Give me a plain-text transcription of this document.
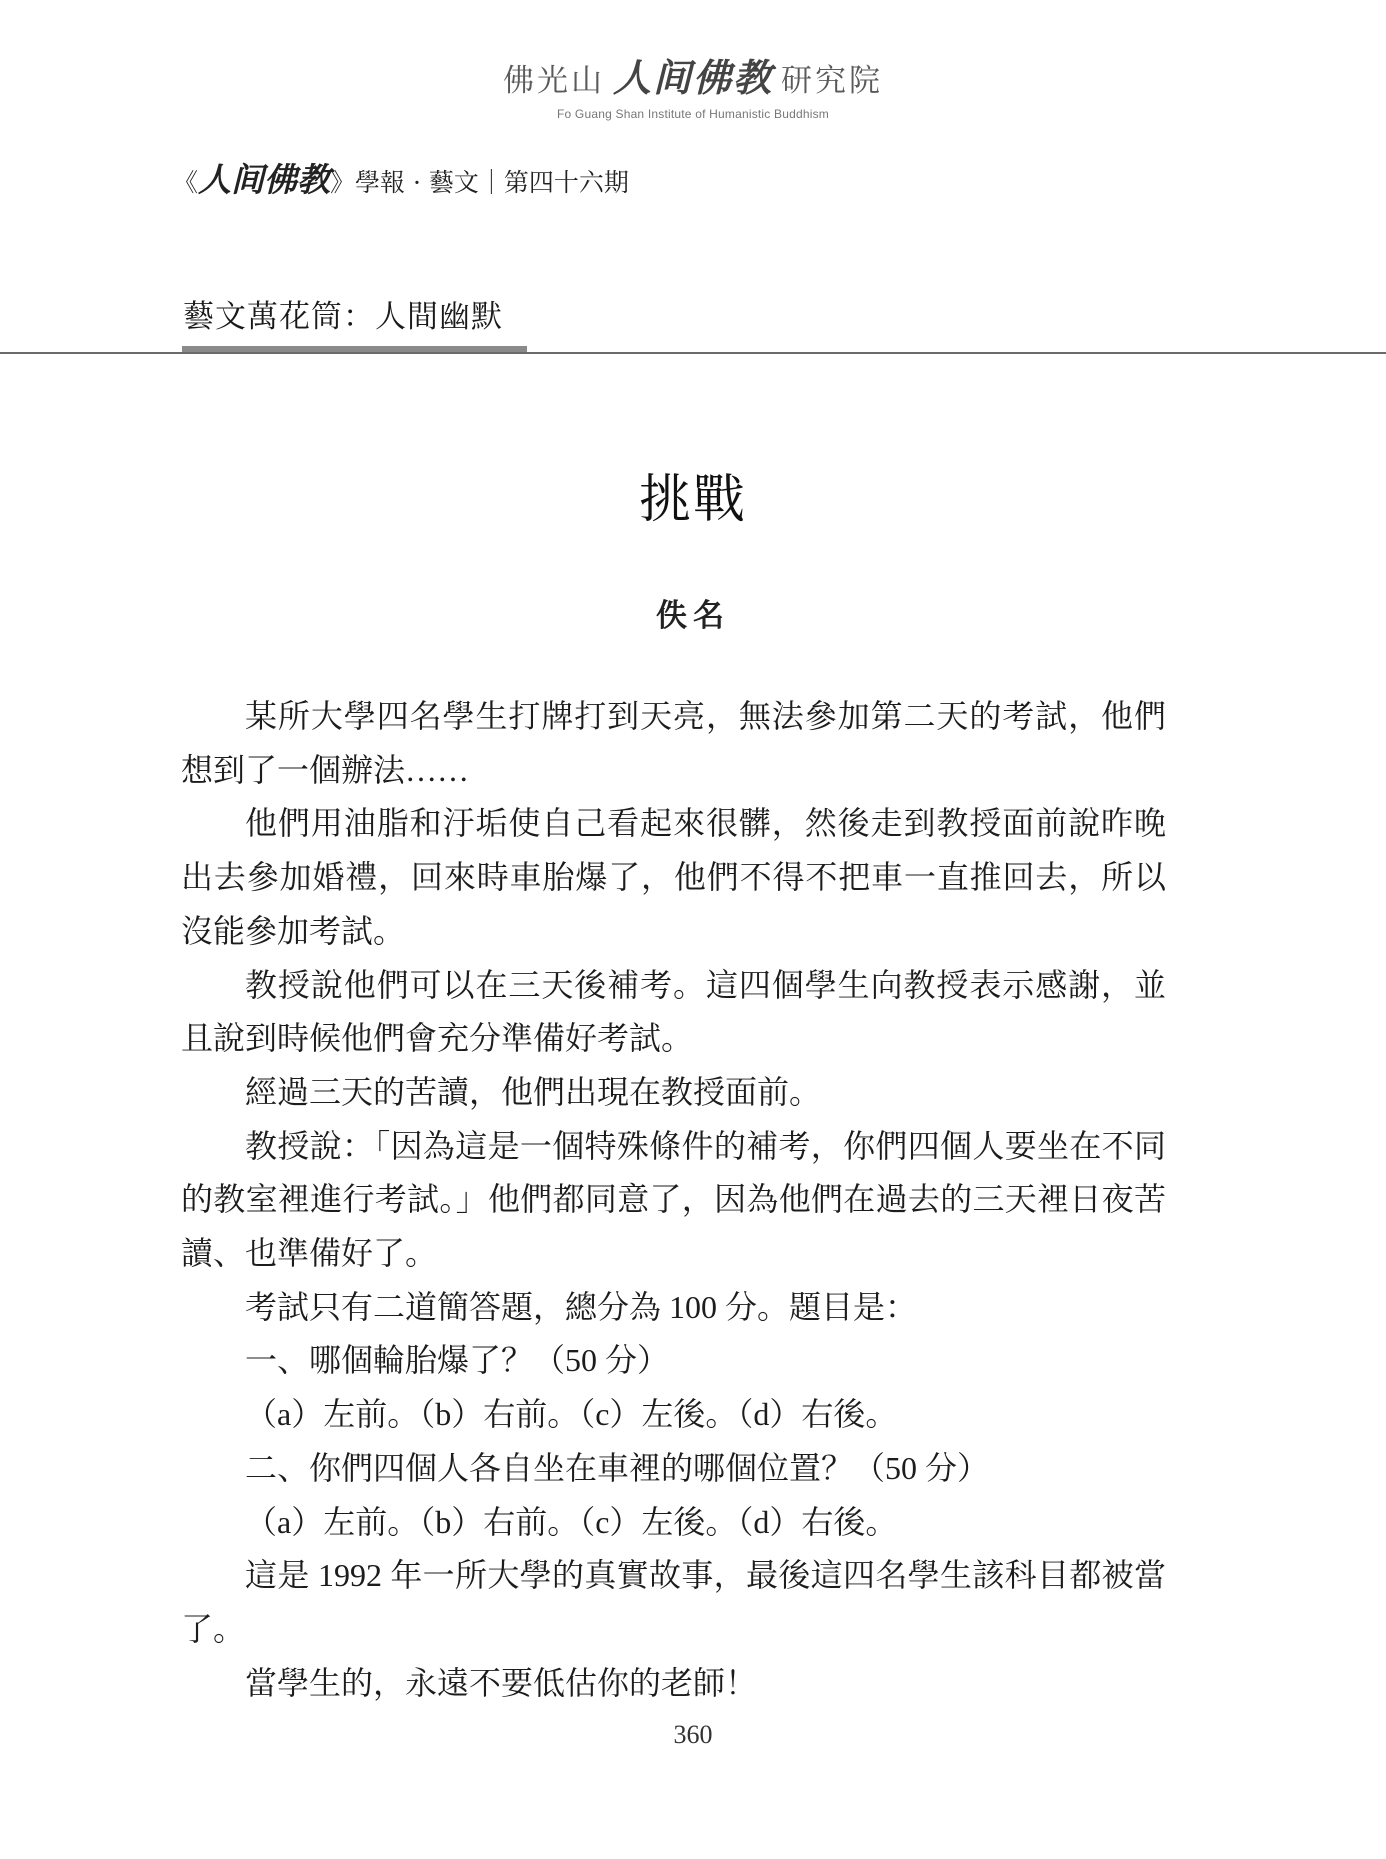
佛光山 人间佛教 研究院
Fo Guang Shan Institute of Humanistic Buddhism
《人间佛教》學報 · 藝文｜第四十六期
藝文萬花筒：人間幽默
挑戰
佚名

某所大學四名學生打牌打到天亮，無法參加第二天的考試，他們想到了一個辦法……

他們用油脂和汙垢使自己看起來很髒，然後走到教授面前說昨晚出去參加婚禮，回來時車胎爆了，他們不得不把車一直推回去，所以沒能參加考試。

教授說他們可以在三天後補考。這四個學生向教授表示感謝，並且說到時候他們會充分準備好考試。

經過三天的苦讀，他們出現在教授面前。

教授說：「因為這是一個特殊條件的補考，你們四個人要坐在不同的教室裡進行考試。」他們都同意了，因為他們在過去的三天裡日夜苦讀、也準備好了。

考試只有二道簡答題，總分為 100 分。題目是：

一、哪個輪胎爆了？（50 分）

（a）左前。（b）右前。（c）左後。（d）右後。

二、你們四個人各自坐在車裡的哪個位置？（50 分）

（a）左前。（b）右前。（c）左後。（d）右後。

這是 1992 年一所大學的真實故事，最後這四名學生該科目都被當了。

當學生的，永遠不要低估你的老師！

360
